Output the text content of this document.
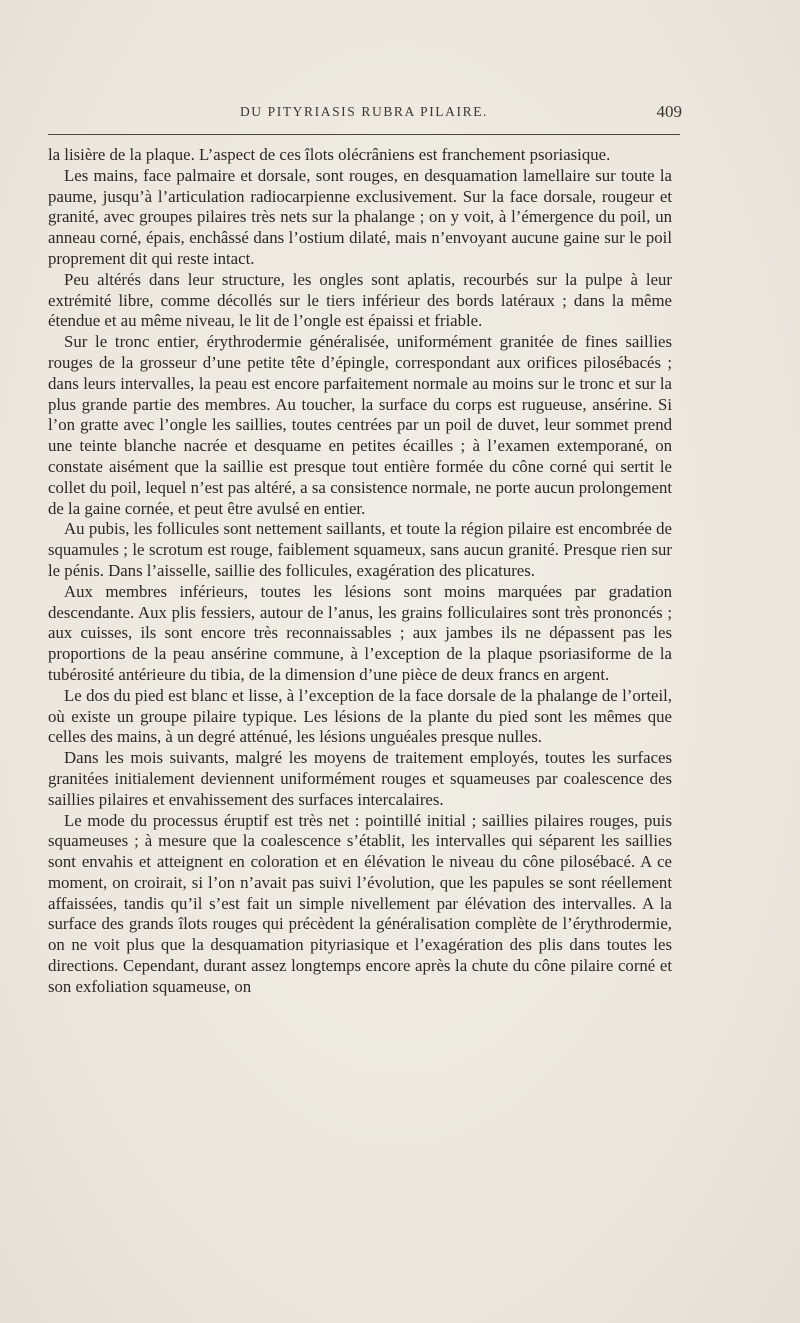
DU PITYRIASIS RUBRA PILAIRE.	409

la lisière de la plaque. L’aspect de ces îlots olécrâniens est franchement psoriasique.

Les mains, face palmaire et dorsale, sont rouges, en desquamation lamellaire sur toute la paume, jusqu’à l’articulation radiocarpienne exclusivement. Sur la face dorsale, rougeur et granité, avec groupes pilaires très nets sur la phalange ; on y voit, à l’émergence du poil, un anneau corné, épais, enchâssé dans l’ostium dilaté, mais n’envoyant aucune gaine sur le poil proprement dit qui reste intact.

Peu altérés dans leur structure, les ongles sont aplatis, recourbés sur la pulpe à leur extrémité libre, comme décollés sur le tiers inférieur des bords latéraux ; dans la même étendue et au même niveau, le lit de l’ongle est épaissi et friable.

Sur le tronc entier, érythrodermie généralisée, uniformément granitée de fines saillies rouges de la grosseur d’une petite tête d’épingle, correspondant aux orifices pilosébacés ; dans leurs intervalles, la peau est encore parfaitement normale au moins sur le tronc et sur la plus grande partie des membres. Au toucher, la surface du corps est rugueuse, ansérine. Si l’on gratte avec l’ongle les saillies, toutes centrées par un poil de duvet, leur sommet prend une teinte blanche nacrée et desquame en petites écailles ; à l’examen extemporané, on constate aisément que la saillie est presque tout entière formée du cône corné qui sertit le collet du poil, lequel n’est pas altéré, a sa consistence normale, ne porte aucun prolongement de la gaine cornée, et peut être avulsé en entier.

Au pubis, les follicules sont nettement saillants, et toute la région pilaire est encombrée de squamules ; le scrotum est rouge, faiblement squameux, sans aucun granité. Presque rien sur le pénis. Dans l’aisselle, saillie des follicules, exagération des plicatures.

Aux membres inférieurs, toutes les lésions sont moins marquées par gradation descendante. Aux plis fessiers, autour de l’anus, les grains folliculaires sont très prononcés ; aux cuisses, ils sont encore très reconnaissables ; aux jambes ils ne dépassent pas les proportions de la peau ansérine commune, à l’exception de la plaque psoriasiforme de la tubérosité antérieure du tibia, de la dimension d’une pièce de deux francs en argent.

Le dos du pied est blanc et lisse, à l’exception de la face dorsale de la phalange de l’orteil, où existe un groupe pilaire typique. Les lésions de la plante du pied sont les mêmes que celles des mains, à un degré atténué, les lésions unguéales presque nulles.

Dans les mois suivants, malgré les moyens de traitement employés, toutes les surfaces granitées initialement deviennent uniformément rouges et squameuses par coalescence des saillies pilaires et envahissement des surfaces intercalaires.

Le mode du processus éruptif est très net : pointillé initial ; saillies pilaires rouges, puis squameuses ; à mesure que la coalescence s’établit, les intervalles qui séparent les saillies sont envahis et atteignent en coloration et en élévation le niveau du cône pilosébacé. A ce moment, on croirait, si l’on n’avait pas suivi l’évolution, que les papules se sont réellement affaissées, tandis qu’il s’est fait un simple nivellement par élévation des intervalles. A la surface des grands îlots rouges qui précèdent la généralisation complète de l’érythrodermie, on ne voit plus que la desquamation pityriasique et l’exagération des plis dans toutes les directions. Cependant, durant assez longtemps encore après la chute du cône pilaire corné et son exfoliation squameuse, on
